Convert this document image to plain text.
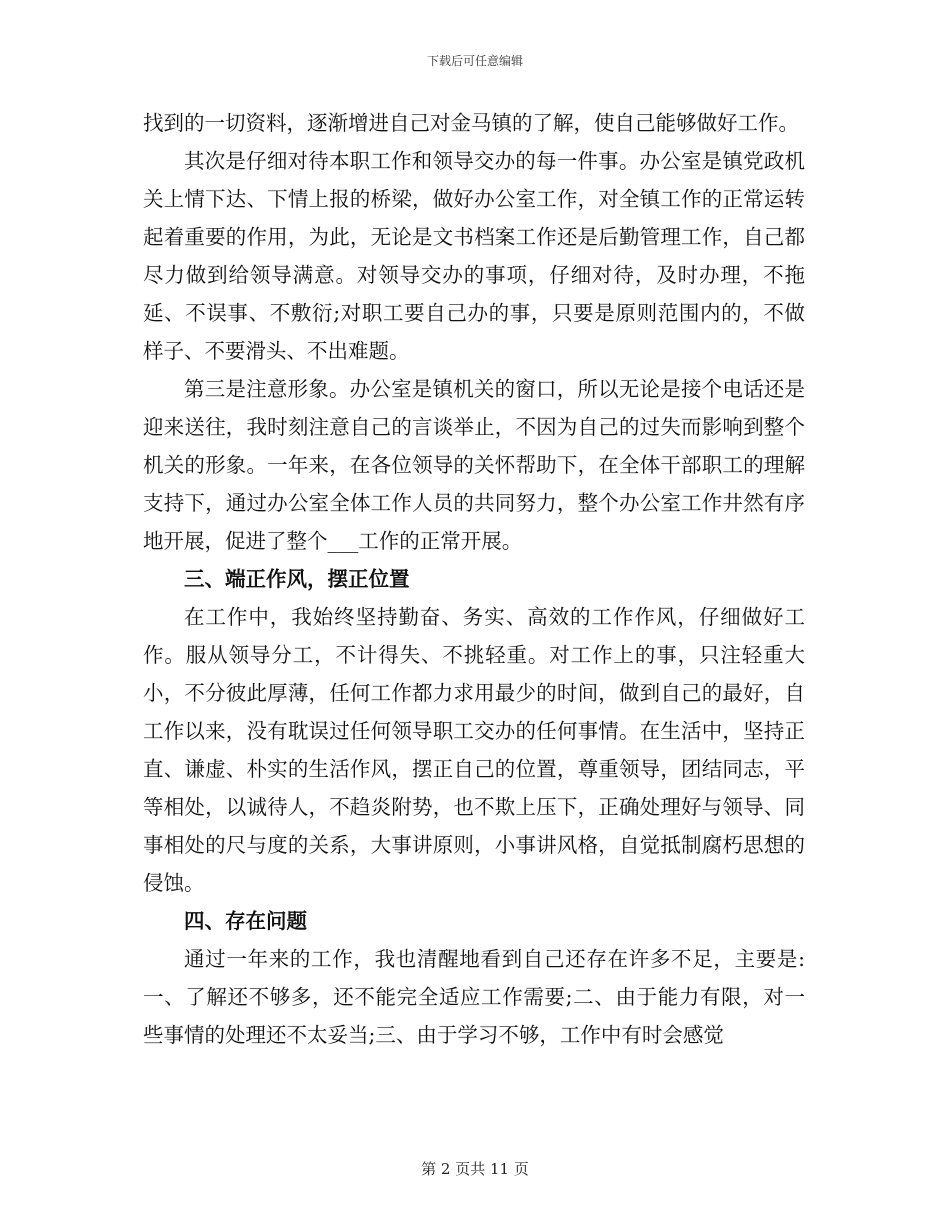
下载后可任意编辑

找到的一切资料，逐渐增进自己对金马镇的了解，使自己能够做好工作。

其次是仔细对待本职工作和领导交办的每一件事。办公室是镇党政机关上情下达、下情上报的桥梁，做好办公室工作，对全镇工作的正常运转起着重要的作用，为此，无论是文书档案工作还是后勤管理工作，自己都尽力做到给领导满意。对领导交办的事项，仔细对待，及时办理，不拖延、不误事、不敷衍;对职工要自己办的事，只要是原则范围内的，不做样子、不要滑头、不出难题。

第三是注意形象。办公室是镇机关的窗口，所以无论是接个电话还是迎来送往，我时刻注意自己的言谈举止，不因为自己的过失而影响到整个机关的形象。一年来，在各位领导的关怀帮助下，在全体干部职工的理解支持下，通过办公室全体工作人员的共同努力，整个办公室工作井然有序地开展，促进了整个___工作的正常开展。

三、端正作风，摆正位置

在工作中，我始终坚持勤奋、务实、高效的工作作风，仔细做好工作。服从领导分工，不计得失、不挑轻重。对工作上的事，只注轻重大小，不分彼此厚薄，任何工作都力求用最少的时间，做到自己的最好，自工作以来，没有耽误过任何领导职工交办的任何事情。在生活中，坚持正直、谦虚、朴实的生活作风，摆正自己的位置，尊重领导，团结同志，平等相处，以诚待人，不趋炎附势，也不欺上压下，正确处理好与领导、同事相处的尺与度的关系，大事讲原则，小事讲风格，自觉抵制腐朽思想的侵蚀。

四、存在问题

通过一年来的工作，我也清醒地看到自己还存在许多不足，主要是:一、了解还不够多，还不能完全适应工作需要;二、由于能力有限，对一些事情的处理还不太妥当;三、由于学习不够，工作中有时会感觉

第 2 页共 11 页
